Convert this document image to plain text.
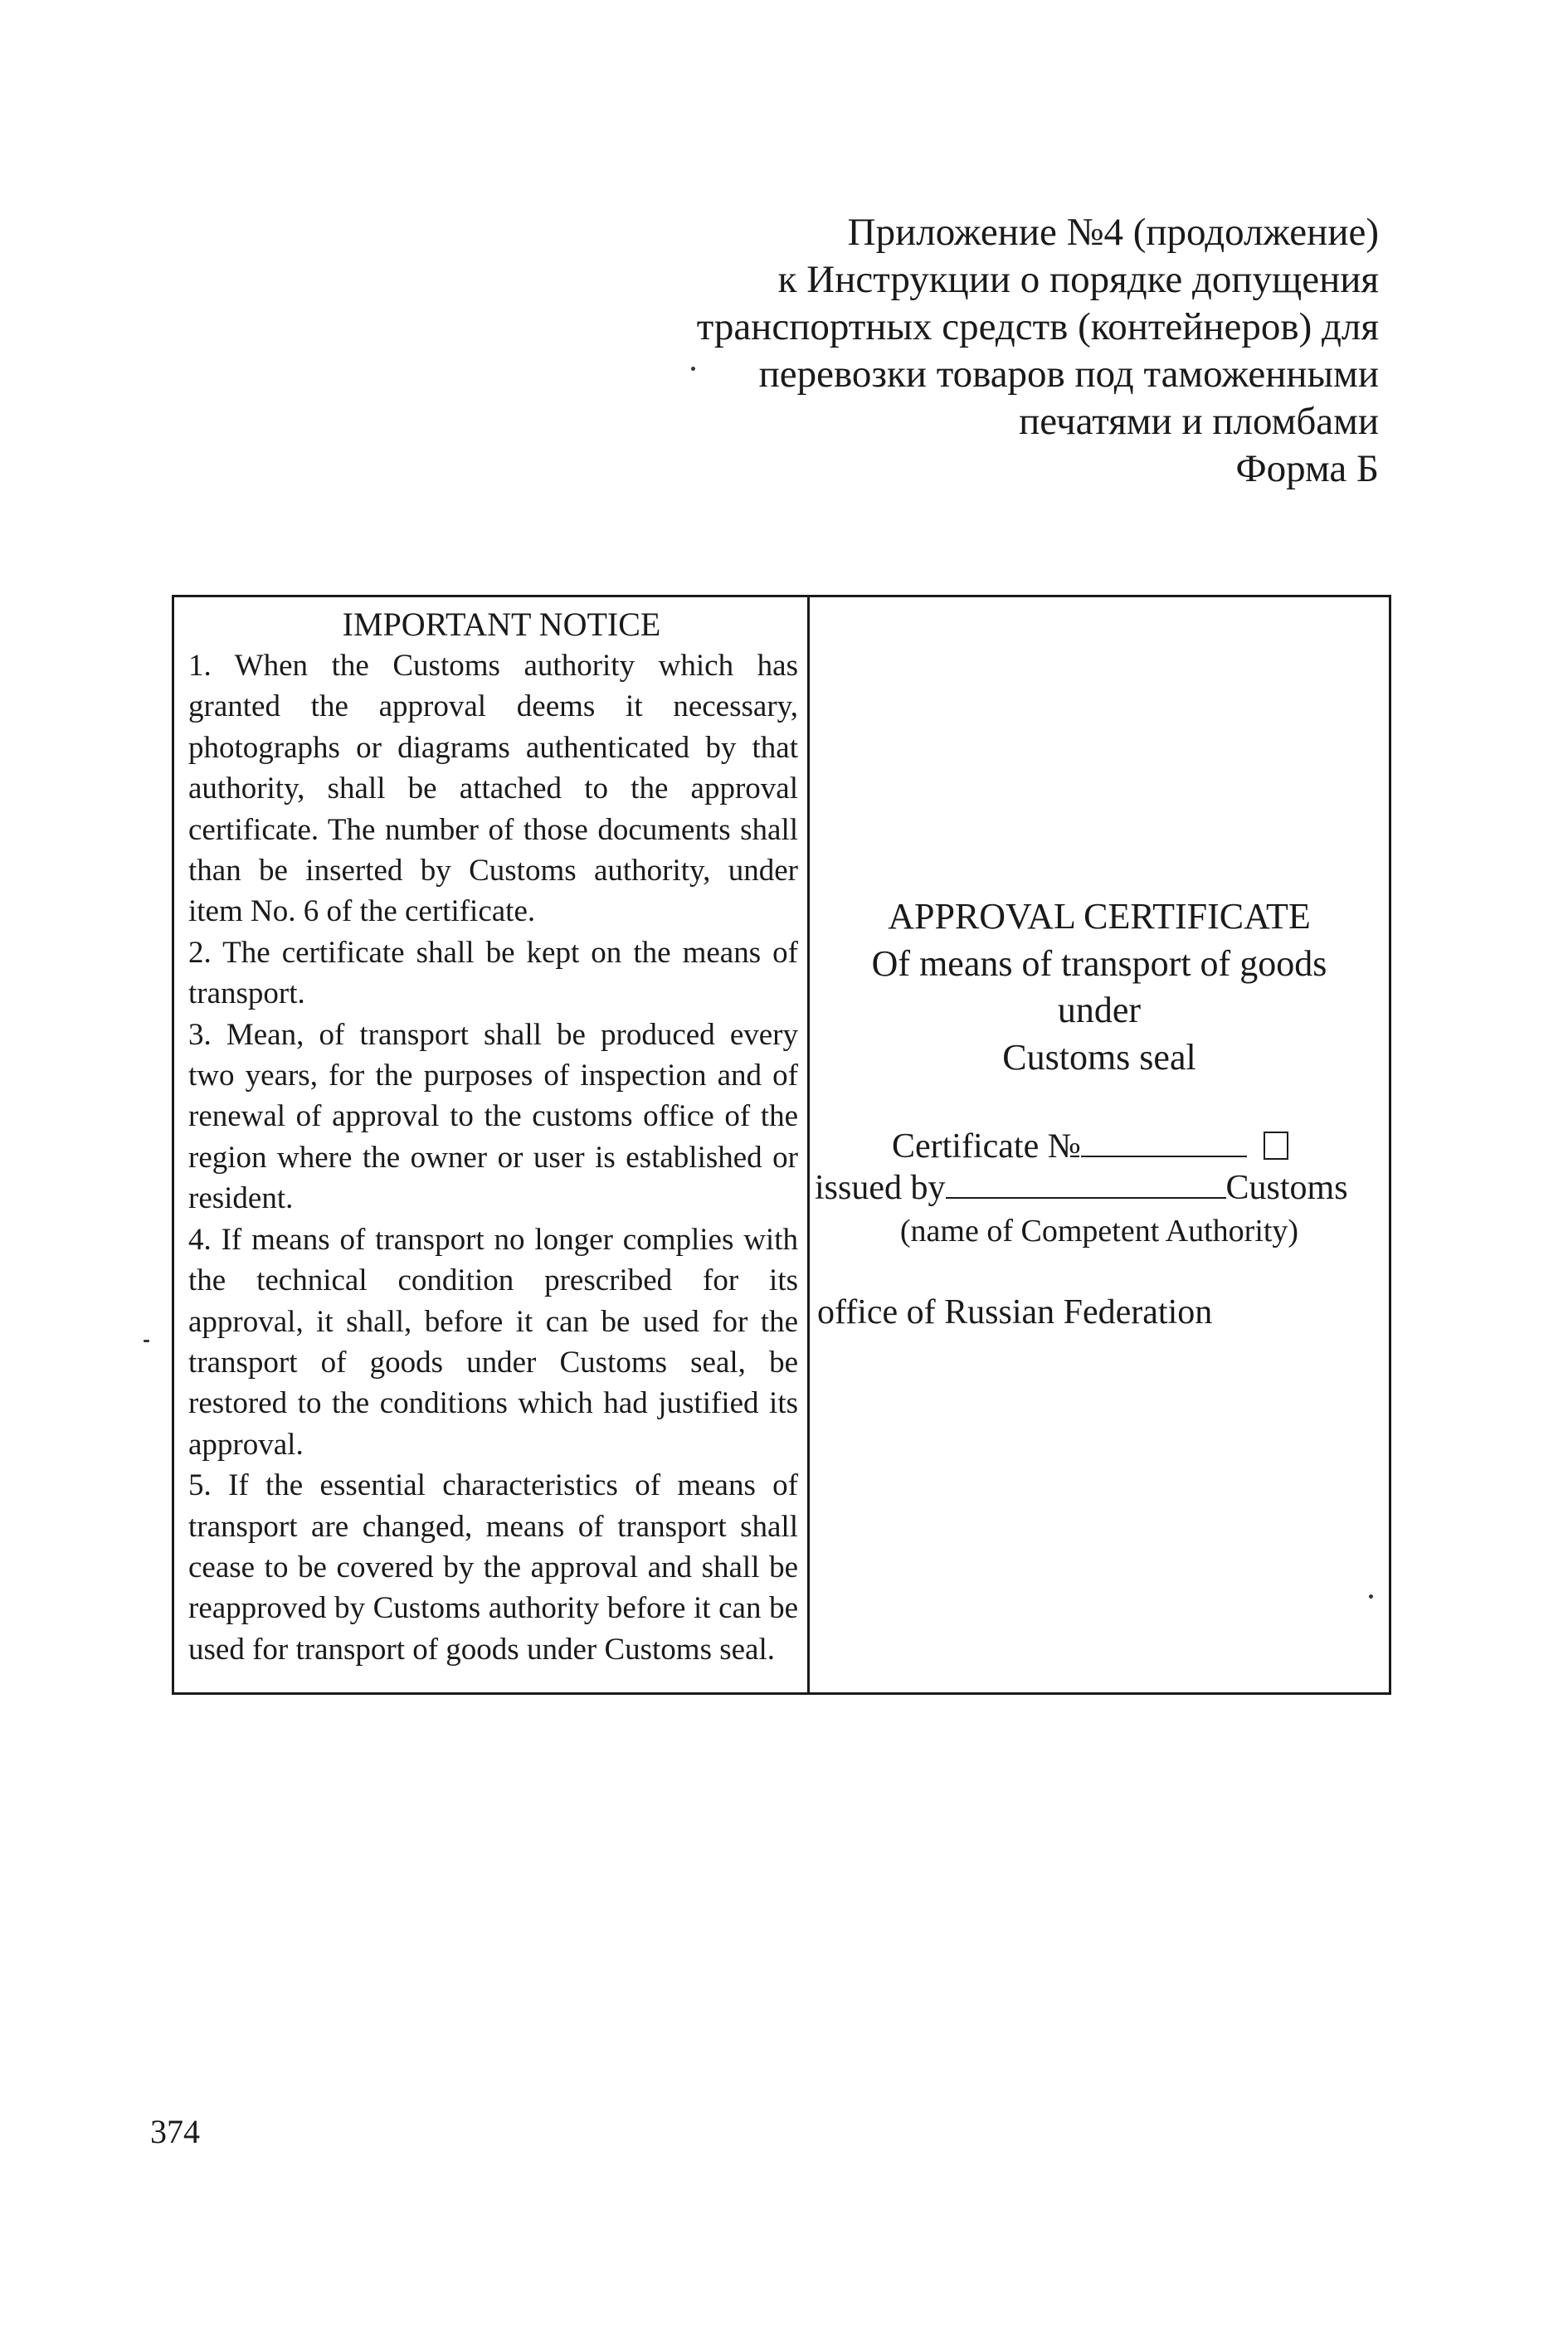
Приложение №4 (продолжение)
к Инструкции о порядке допущения
транспортных средств (контейнеров) для
перевозки товаров под таможенными
печатями и пломбами
Форма Б

IMPORTANT NOTICE

1. When the Customs authority which has granted the approval deems it necessary, photographs or diagrams authenticated by that authority, shall be attached to the approval certificate. The number of those documents shall than be inserted by Customs authority, under item No. 6 of the certificate.

2. The certificate shall be kept on the means of transport.

3. Mean, of transport shall be produced every two years, for the purposes of inspection and of renewal of approval to the customs office of the region where the owner or user is established or resident.

4. If means of transport no longer complies with the technical condition prescribed for its approval, it shall, before it can be used for the transport of goods under Customs seal, be restored to the conditions which had justified its approval.

5. If the essential characteristics of means of transport are changed, means of transport shall cease to be covered by the approval and shall be reapproved by Customs authority before it can be used for transport of goods under Customs seal.

APPROVAL CERTIFICATE
Of means of transport of goods
under
Customs seal
Certificate №
issued by	Customs
(name of Competent Authority)
office of Russian Federation
374
